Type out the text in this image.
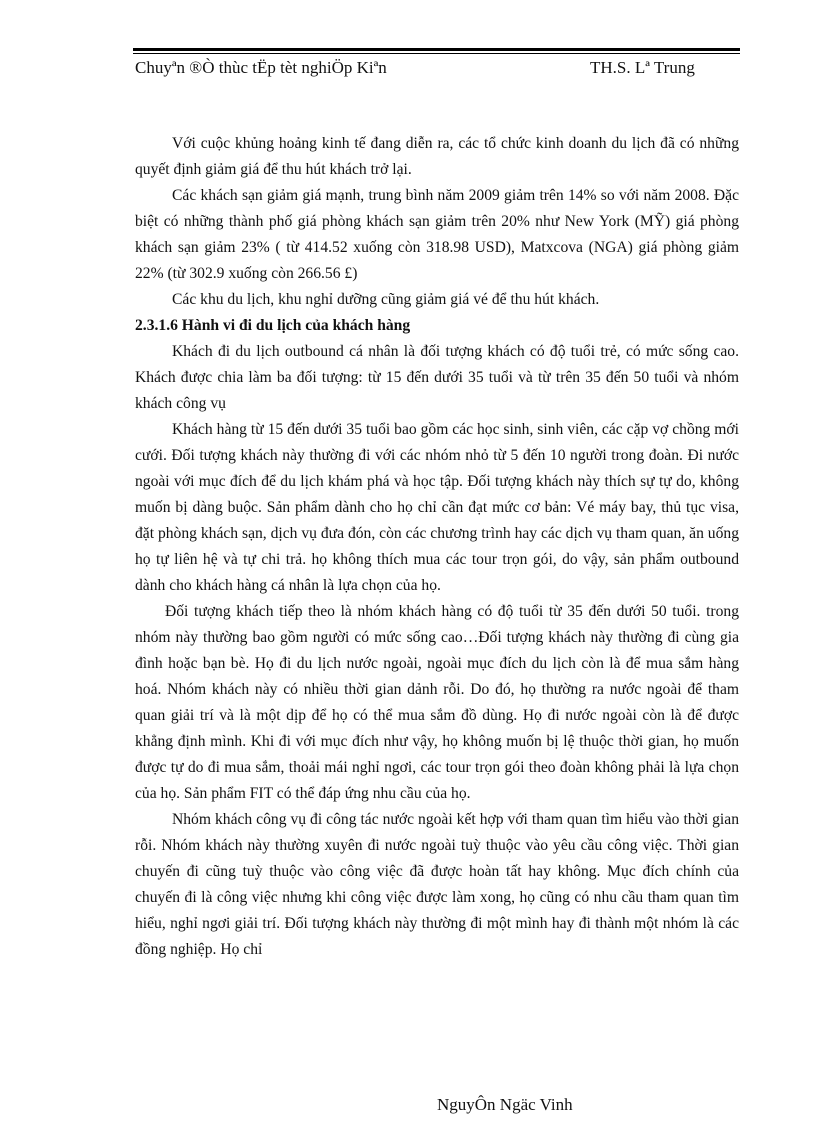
Chuyªn ®Ò thùc tËp tèt nghiÖp Kiªn	TH.S. Lª Trung

Với cuộc khủng hoảng kinh tế đang diễn ra, các tổ chức kinh doanh du lịch đã có những quyết định giảm giá để thu hút khách trở lại.

Các khách sạn giảm giá mạnh, trung bình năm 2009 giảm trên 14% so với năm 2008. Đặc biệt có những thành phố giá phòng khách sạn giảm trên 20% như New York (MỸ) giá phòng khách sạn giảm 23% ( từ 414.52 xuống còn 318.98 USD), Matxcova (NGA) giá phòng giảm 22% (từ 302.9 xuống còn 266.56 £)

Các khu du lịch, khu nghỉ dưỡng cũng giảm giá vé để thu hút khách.

2.3.1.6 Hành vi đi du lịch của khách hàng

Khách đi du lịch outbound cá nhân là đối tượng khách có độ tuổi trẻ, có mức sống cao. Khách được chia làm ba đối tượng: từ 15 đến dưới 35 tuổi và từ trên 35 đến 50 tuổi và nhóm khách công vụ

Khách hàng từ 15 đến dưới 35 tuổi bao gồm các học sinh, sinh viên, các cặp vợ chồng mới cưới. Đối tượng khách này thường đi với các nhóm nhỏ từ 5 đến 10 người trong đoàn. Đi nước ngoài với mục đích để du lịch khám phá và học tập. Đối tượng khách này thích sự tự do, không muốn bị dàng buộc. Sản phẩm dành cho họ chỉ cần đạt mức cơ bản: Vé máy bay, thủ tục visa, đặt phòng khách sạn, dịch vụ đưa đón, còn các chương trình hay các dịch vụ tham quan, ăn uống họ tự liên hệ và tự chi trả. họ không thích mua các tour trọn gói, do vậy, sản phẩm outbound dành cho khách hàng cá nhân là lựa chọn của họ.

Đối tượng khách tiếp theo là nhóm khách hàng có độ tuổi từ 35 đến dưới 50 tuổi. trong nhóm này thường bao gồm người có mức sống cao…Đối tượng khách này thường đi cùng gia đình hoặc bạn bè. Họ đi du lịch nước ngoài, ngoài mục đích du lịch còn là để mua sắm hàng hoá. Nhóm khách này có nhiều thời gian dảnh rỗi. Do đó, họ thường ra nước ngoài để tham quan giải trí và là một dịp để họ có thể mua sắm đồ dùng. Họ đi nước ngoài còn là để được khẳng định mình. Khi đi với mục đích như vậy, họ không muốn bị lệ thuộc thời gian, họ muốn được tự do đi mua sắm, thoải mái nghỉ ngơi, các tour trọn gói theo đoàn không phải là lựa chọn của họ. Sản phẩm FIT có thể đáp ứng nhu cầu của họ.

Nhóm khách công vụ đi công tác nước ngoài kết hợp với tham quan tìm hiểu vào thời gian rỗi. Nhóm khách này thường xuyên đi nước ngoài tuỳ thuộc vào yêu cầu công việc. Thời gian chuyến đi cũng tuỳ thuộc vào công việc đã được hoàn tất hay không. Mục đích chính của chuyến đi là công việc nhưng khi công việc được làm xong, họ cũng có nhu cầu tham quan tìm hiểu, nghỉ ngơi giải trí. Đối tượng khách này thường đi một mình hay đi thành một nhóm là các đồng nghiệp. Họ chỉ

NguyÔn Ngäc Vinh
